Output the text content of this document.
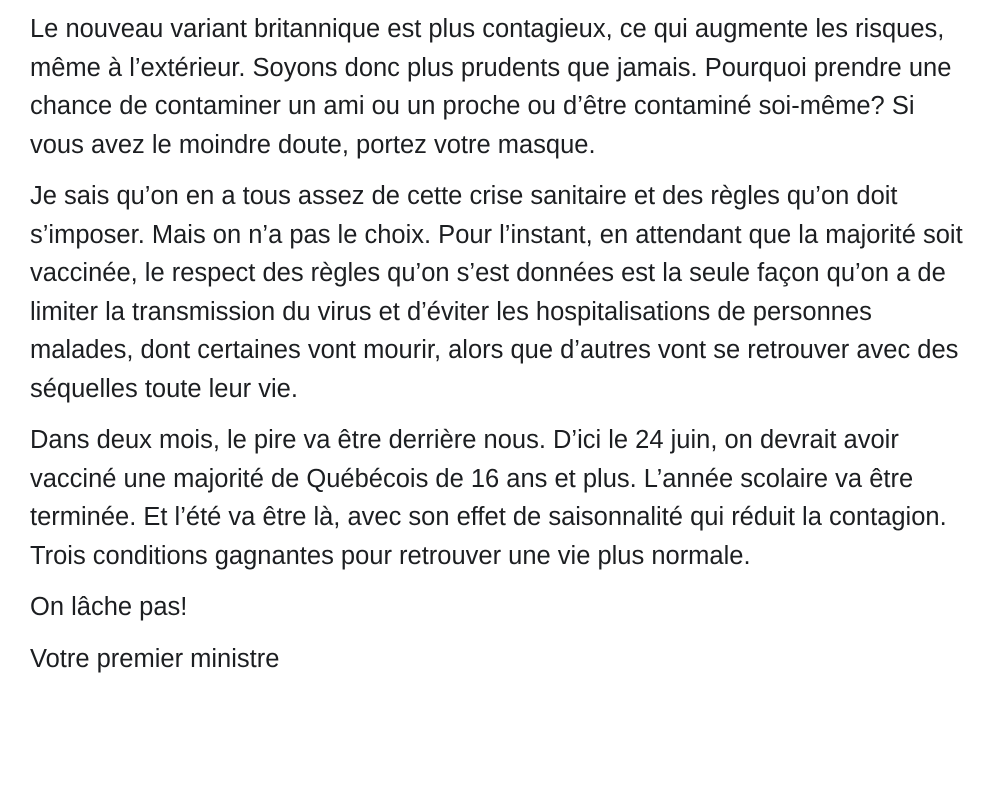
Le nouveau variant britannique est plus contagieux, ce qui augmente les risques, même à l’extérieur. Soyons donc plus prudents que jamais. Pourquoi prendre une chance de contaminer un ami ou un proche ou d’être contaminé soi-même? Si vous avez le moindre doute, portez votre masque.

Je sais qu’on en a tous assez de cette crise sanitaire et des règles qu’on doit s’imposer. Mais on n’a pas le choix. Pour l’instant, en attendant que la majorité soit vaccinée, le respect des règles qu’on s’est données est la seule façon qu’on a de limiter la transmission du virus et d’éviter les hospitalisations de personnes malades, dont certaines vont mourir, alors que d’autres vont se retrouver avec des séquelles toute leur vie.

Dans deux mois, le pire va être derrière nous. D’ici le 24 juin, on devrait avoir vacciné une majorité de Québécois de 16 ans et plus. L’année scolaire va être terminée. Et l’été va être là, avec son effet de saisonnalité qui réduit la contagion. Trois conditions gagnantes pour retrouver une vie plus normale.

On lâche pas!

Votre premier ministre
